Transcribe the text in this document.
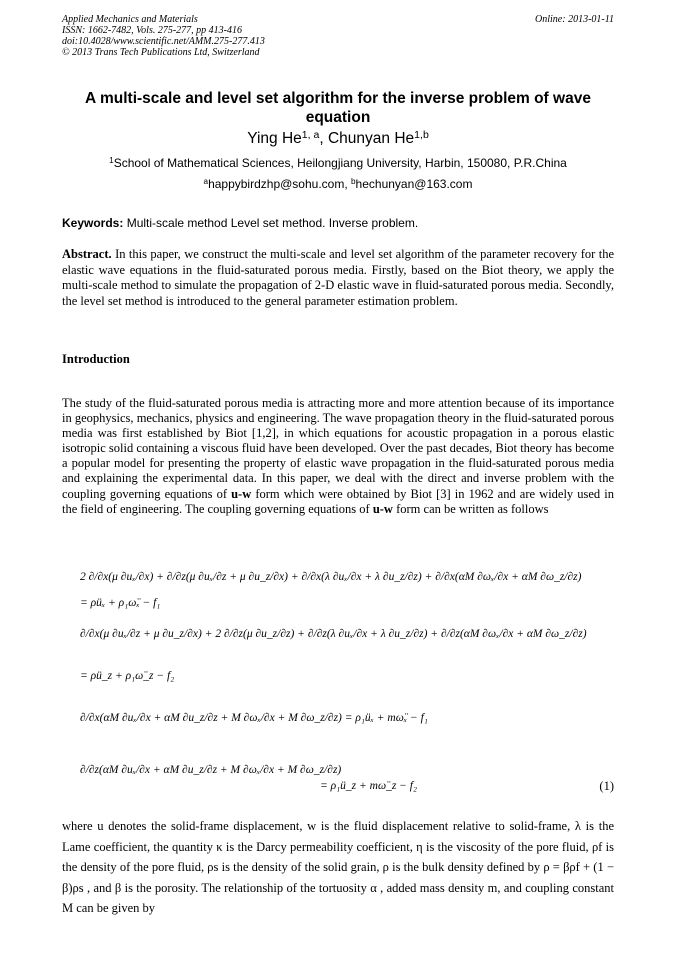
Applied Mechanics and Materials
ISSN: 1662-7482, Vols. 275-277, pp 413-416
doi:10.4028/www.scientific.net/AMM.275-277.413
© 2013 Trans Tech Publications Ltd, Switzerland
Online: 2013-01-11
A multi-scale and level set algorithm for the inverse problem of wave equation
Ying He$^{1, a}$, Chunyan He$^{1,b}$
$^1$School of Mathematical Sciences, Heilongjiang University, Harbin, 150080, P.R.China
$^a$happybirdzhp@sohu.com, $^b$hechunyan@163.com
Keywords: Multi-scale method Level set method. Inverse problem.
Abstract. In this paper, we construct the multi-scale and level set algorithm of the parameter recovery for the elastic wave equations in the fluid-saturated porous media. Firstly, based on the Biot theory, we apply the multi-scale method to simulate the propagation of 2-D elastic wave in fluid-saturated porous media. Secondly, the level set method is introduced to the general parameter estimation problem.
Introduction
The study of the fluid-saturated porous media is attracting more and more attention because of its importance in geophysics, mechanics, physics and engineering. The wave propagation theory in the fluid-saturated porous media was first established by Biot [1,2], in which equations for acoustic propagation in a porous elastic isotropic solid containing a viscous fluid have been developed. Over the past decades, Biot theory has become a popular model for presenting the property of elastic wave propagation in the fluid-saturated porous media and explaining the experimental data. In this paper, we deal with the direct and inverse problem with the coupling governing equations of u-w form which were obtained by Biot [3] in 1962 and are widely used in the field of engineering. The coupling governing equations of u-w form can be written as follows
2 ∂/∂x(μ ∂uₓ/∂x) + ∂/∂z(μ ∂uₓ/∂z + μ ∂u_z/∂x) + ∂/∂x(λ ∂uₓ/∂x + λ ∂u_z/∂z) + ∂/∂x(αM ∂ωₓ/∂x + αM ∂ω_z/∂z)
= ρüₓ + ρ₁ω̈ₓ − f₁
∂/∂x(μ ∂uₓ/∂z + μ ∂u_z/∂x) + 2 ∂/∂z(μ ∂u_z/∂z) + ∂/∂z(λ ∂uₓ/∂x + λ ∂u_z/∂z) + ∂/∂z(αM ∂ωₓ/∂x + αM ∂ω_z/∂z)
= ρü_z + ρ₁ω̈_z − f₂
∂/∂x(αM ∂uₓ/∂x + αM ∂u_z/∂z + M ∂ωₓ/∂x + M ∂ω_z/∂z) = ρ₁üₓ + mω̈ₓ − f₁
∂/∂z(αM ∂uₓ/∂x + αM ∂u_z/∂z + M ∂ωₓ/∂x + M ∂ω_z/∂z)
= ρ₁ü_z + mω̈_z − f₂	(1)
where u denotes the solid-frame displacement, w is the fluid displacement relative to solid-frame, λ is the Lame coefficient, the quantity κ is the Darcy permeability coefficient, η is the viscosity of the pore fluid, ρf is the density of the pore fluid, ρs is the density of the solid grain, ρ is the bulk density defined by ρ = βρf + (1 − β)ρs , and β is the porosity. The relationship of the tortuosity α , added mass density m, and coupling constant M can be given by
